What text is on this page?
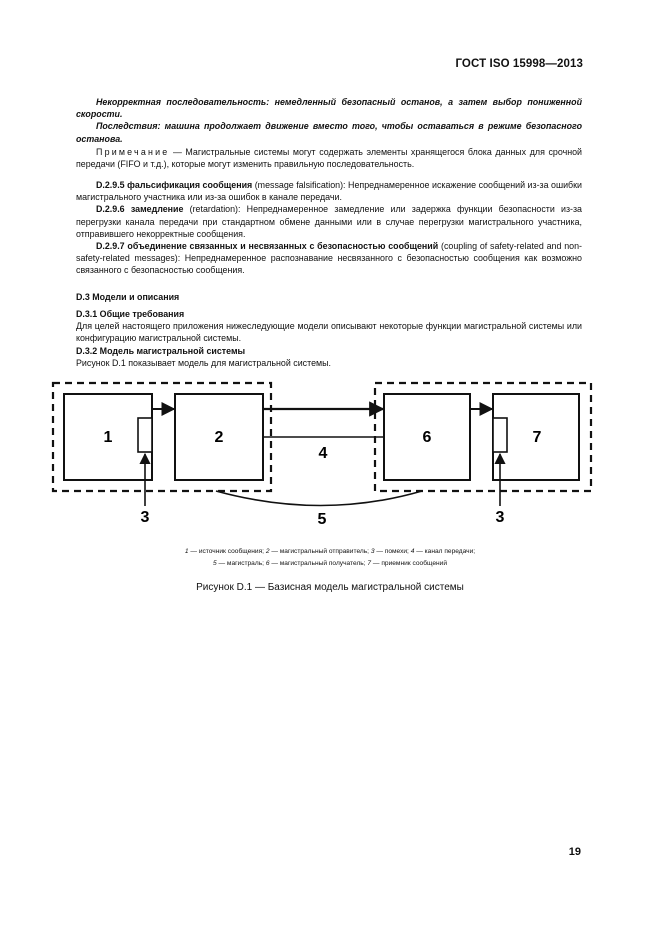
ГОСТ ISO 15998—2013

Некорректная последовательность: немедленный безопасный останов, а затем выбор пониженной скорости.

Последствия: машина продолжает движение вместо того, чтобы оставаться в режиме безопасного останова.

Примечание — Магистральные системы могут содержать элементы хранящегося блока данных для срочной передачи (FIFO и т.д.), которые могут изменить правильную последовательность.

D.2.9.5 фальсификация сообщения (message falsification): Непреднамеренное искажение сообщений из-за ошибки магистрального участника или из-за ошибок в канале передачи.

D.2.9.6 замедление (retardation): Непреднамеренное замедление или задержка функции безопасности из-за перегрузки канала передачи при стандартном обмене данными или в случае перегрузки магистрального участника, отправившего некорректные сообщения.

D.2.9.7 объединение связанных и несвязанных с безопасностью сообщений (coupling of safety-related and non-safety-related messages): Непреднамеренное распознавание несвязанного с безопасностью сообщения как возможно связанного с безопасностью сообщения.

D.3 Модели и описания

D.3.1 Общие требования

Для целей настоящего приложения нижеследующие модели описывают некоторые функции магистральной системы или конфигурацию магистральной системы.

D.3.2 Модель магистральной системы

Рисунок D.1 показывает модель для магистральной системы.

1	2	6	7
4
5
3	3
1 — источник сообщения; 2 — магистральный отправитель; 3 — помехи; 4 — канал передачи;
5 — магистраль; 6 — магистральный получатель; 7 — приемник сообщений
Рисунок D.1 — Базисная модель магистральной системы
19
